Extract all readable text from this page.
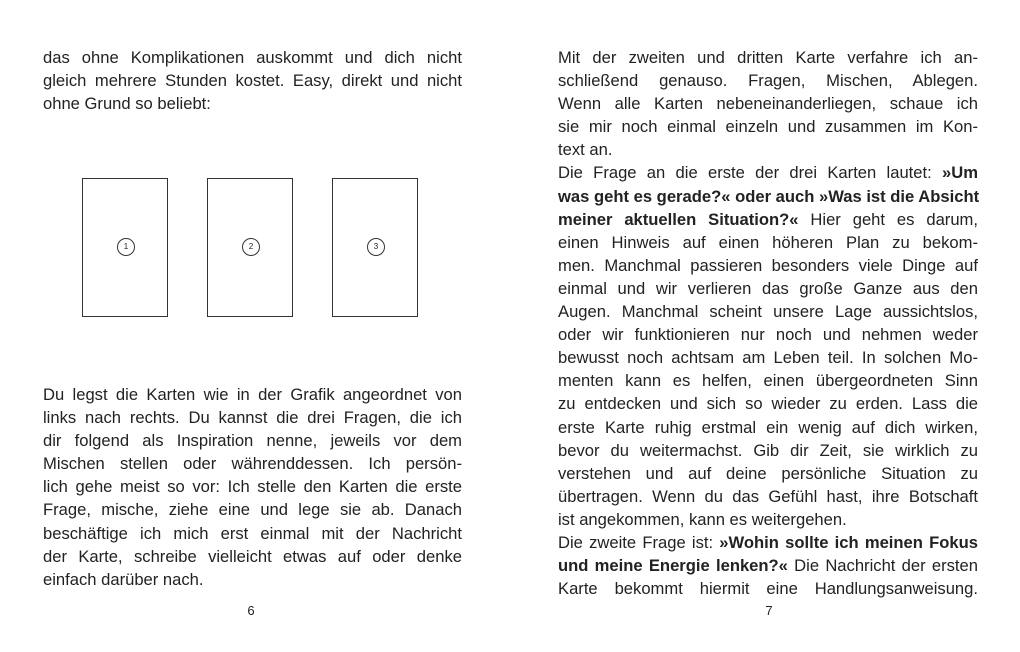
das ohne Komplikationen auskommt und dich nicht
gleich mehrere Stunden kostet. Easy, direkt und nicht
ohne Grund so beliebt:
1	2	3
Du legst die Karten wie in der Grafik angeordnet von
links nach rechts. Du kannst die drei Fragen, die ich
dir folgend als Inspiration nenne, jeweils vor dem
Mischen stellen oder währenddessen. Ich persön-
lich gehe meist so vor: Ich stelle den Karten die erste
Frage, mische, ziehe eine und lege sie ab. Danach
beschäftige ich mich erst einmal mit der Nachricht
der Karte, schreibe vielleicht etwas auf oder denke
einfach darüber nach.
6
Mit der zweiten und dritten Karte verfahre ich an-
schließend genauso. Fragen, Mischen, Ablegen.
Wenn alle Karten nebeneinanderliegen, schaue ich
sie mir noch einmal einzeln und zusammen im Kon-
text an.
Die Frage an die erste der drei Karten lautet: »Um
was geht es gerade?« oder auch »Was ist die Absicht
meiner aktuellen Situation?« Hier geht es darum,
einen Hinweis auf einen höheren Plan zu bekom-
men. Manchmal passieren besonders viele Dinge auf
einmal und wir verlieren das große Ganze aus den
Augen. Manchmal scheint unsere Lage aussichtslos,
oder wir funktionieren nur noch und nehmen weder
bewusst noch achtsam am Leben teil. In solchen Mo-
menten kann es helfen, einen übergeordneten Sinn
zu entdecken und sich so wieder zu erden. Lass die
erste Karte ruhig erstmal ein wenig auf dich wirken,
bevor du weitermachst. Gib dir Zeit, sie wirklich zu
verstehen und auf deine persönliche Situation zu
übertragen. Wenn du das Gefühl hast, ihre Botschaft
ist angekommen, kann es weitergehen.
Die zweite Frage ist: »Wohin sollte ich meinen Fokus
und meine Energie lenken?« Die Nachricht der ersten
Karte bekommt hiermit eine Handlungsanweisung.
7
